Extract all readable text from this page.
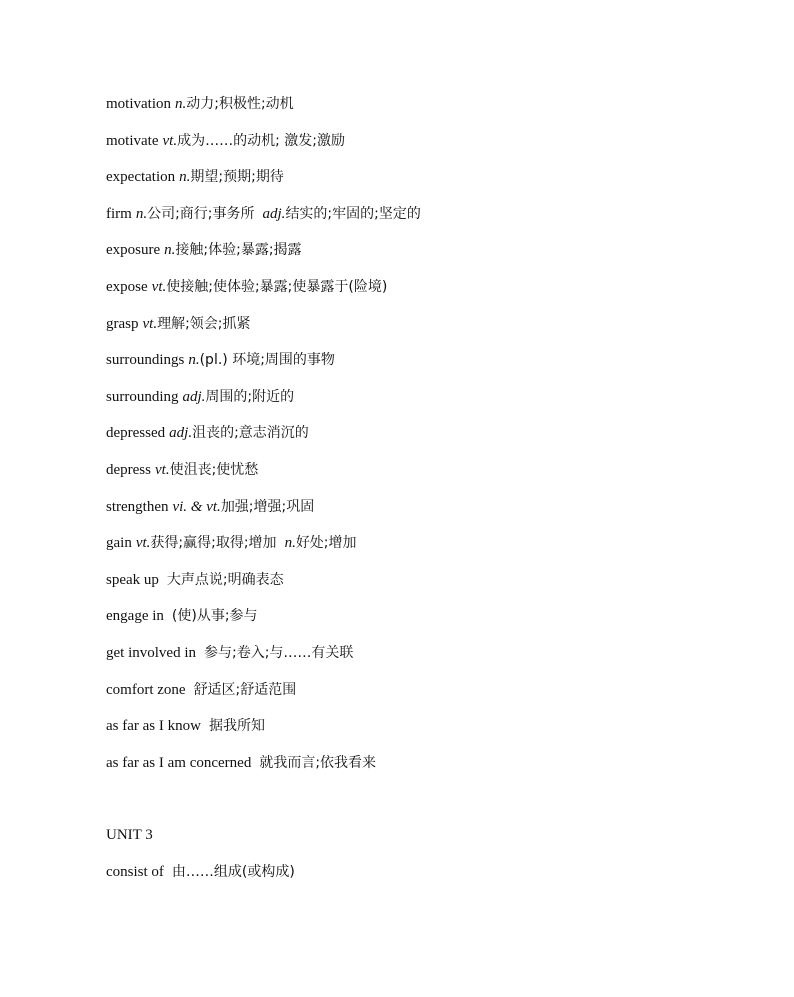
motivation n.动力;积极性;动机
motivate vt.成为……的动机; 激发;激励
expectation n.期望;预期;期待
firm n.公司;商行;事务所 adj.结实的;牢固的;坚定的
exposure n.接触;体验;暴露;揭露
expose vt.使接触;使体验;暴露;使暴露于(险境)
grasp vt.理解;领会;抓紧
surroundings n.(pl.) 环境;周围的事物
surrounding adj.周围的;附近的
depressed adj.沮丧的;意志消沉的
depress vt.使沮丧;使忧愁
strengthen vi. & vt.加强;增强;巩固
gain vt.获得;赢得;取得;增加 n.好处;增加
speak up 大声点说;明确表态
engage in (使)从事;参与
get involved in 参与;卷入;与……有关联
comfort zone 舒适区;舒适范围
as far as I know 据我所知
as far as I am concerned 就我而言;依我看来
UNIT 3
consist of 由……组成(或构成)
